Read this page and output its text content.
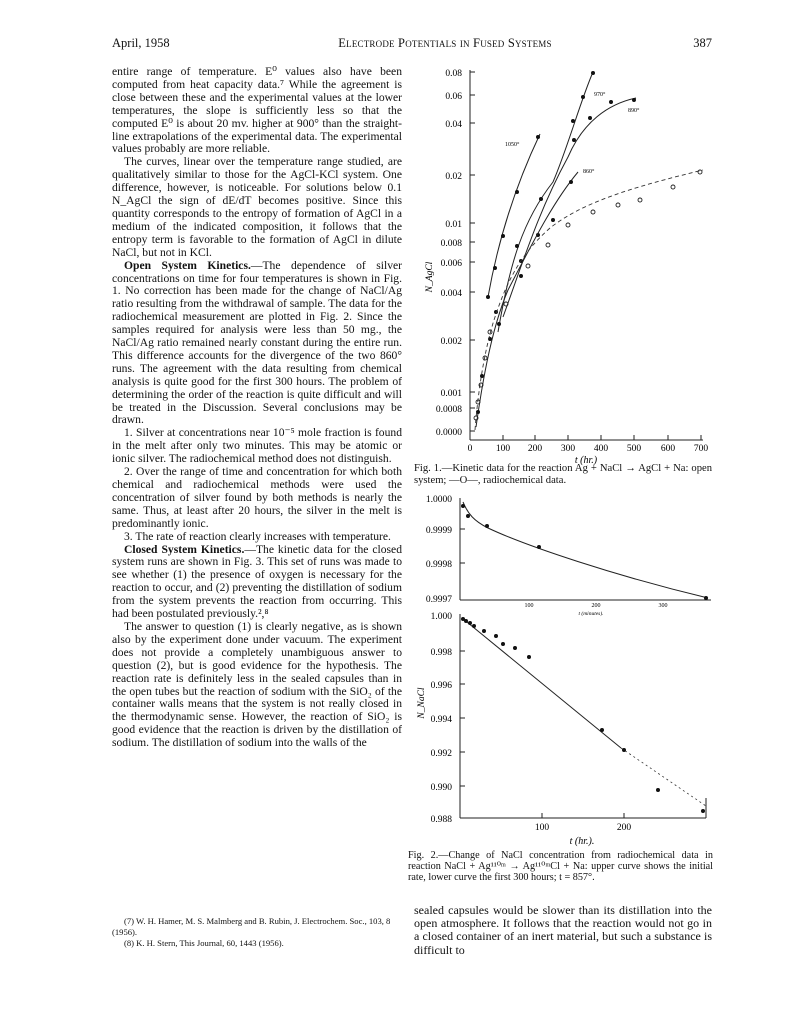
April, 1958	Electrode Potentials in Fused Systems	387

entire range of temperature. E⁰ values also have been computed from heat capacity data.⁷ While the agreement is close between these and the experimental values at the lower temperatures, the slope is sufficiently less so that the computed E⁰ is about 20 mv. higher at 900° than the straight-line extrapolations of the experimental data. The experimental values probably are more reliable.

The curves, linear over the temperature range studied, are qualitatively similar to those for the AgCl-KCl system. One difference, however, is noticeable. For solutions below 0.1 N_AgCl the sign of dE/dT becomes positive. Since this quantity corresponds to the entropy of formation of AgCl in a medium of the indicated composition, it follows that the entropy term is favorable to the formation of AgCl in dilute NaCl, but not in KCl.

Open System Kinetics.—The dependence of silver concentrations on time for four temperatures is shown in Fig. 1. No correction has been made for the change of NaCl/Ag ratio resulting from the withdrawal of sample. The data for the radiochemical measurement are plotted in Fig. 2. Since the samples required for analysis were less than 50 mg., the NaCl/Ag ratio remained nearly constant during the entire run. This difference accounts for the divergence of the two 860° runs. The agreement with the data resulting from chemical analysis is quite good for the first 300 hours. The problem of determining the order of the reaction is quite difficult and will be treated in the Discussion. Several conclusions may be drawn.

1. Silver at concentrations near 10⁻⁵ mole fraction is found in the melt after only two minutes. This may be atomic or ionic silver. The radiochemical method does not distinguish.

2. Over the range of time and concentration for which both chemical and radiochemical methods were used the concentration of silver found by both methods is nearly the same. Thus, at least after 20 hours, the silver in the melt is predominantly ionic.

3. The rate of reaction clearly increases with temperature.

Closed System Kinetics.—The kinetic data for the closed system runs are shown in Fig. 3. This set of runs was made to see whether (1) the presence of oxygen is necessary for the reaction to occur, and (2) preventing the distillation of sodium from the system prevents the reaction from occurring. This had been postulated previously.²,⁸

The answer to question (1) is clearly negative, as is shown also by the experiment done under vacuum. The experiment does not provide a completely unambiguous answer to question (2), but is good evidence for the hypothesis. The reaction rate is definitely less in the sealed capsules than in the open tubes but the reaction of sodium with the SiO₂ of the container walls means that the system is not really closed in the thermodynamic sense. However, the reaction of SiO₂ is good evidence that the reaction is driven by the distillation of sodium. The distillation of sodium into the walls of the

(7) W. H. Hamer, M. S. Malmberg and B. Rubin, J. Electrochem. Soc., 103, 8 (1956).
(8) K. H. Stern, This Journal, 60, 1443 (1956).
0.08
0.06
0.04
0.02
0.01
0.008
0.006
0.004
0.002
0.001
0.0008
0.0000
0 100 200 300 400 500 600 700
t (hr.)
N_AgCl
1050°
970°
890°
860°
Fig. 1.—Kinetic data for the reaction Ag + NaCl → AgCl + Na: open system; —O—, radiochemical data.
1.0000
0.9999
0.9998
0.9997
100	200	300
t (minutes).
1.000
0.998
0.996
0.994
0.992
0.990
0.988
100	200
t (hr.).
N_NaCl
Fig. 2.—Change of NaCl concentration from radiochemical data in reaction NaCl + Ag¹¹⁰ᵐ → Ag¹¹⁰ᵐCl + Na: upper curve shows the initial rate, lower curve the first 300 hours; t = 857°.

sealed capsules would be slower than its distillation into the open atmosphere. It follows that the reaction would not go in a closed container of an inert material, but such a substance is difficult to
